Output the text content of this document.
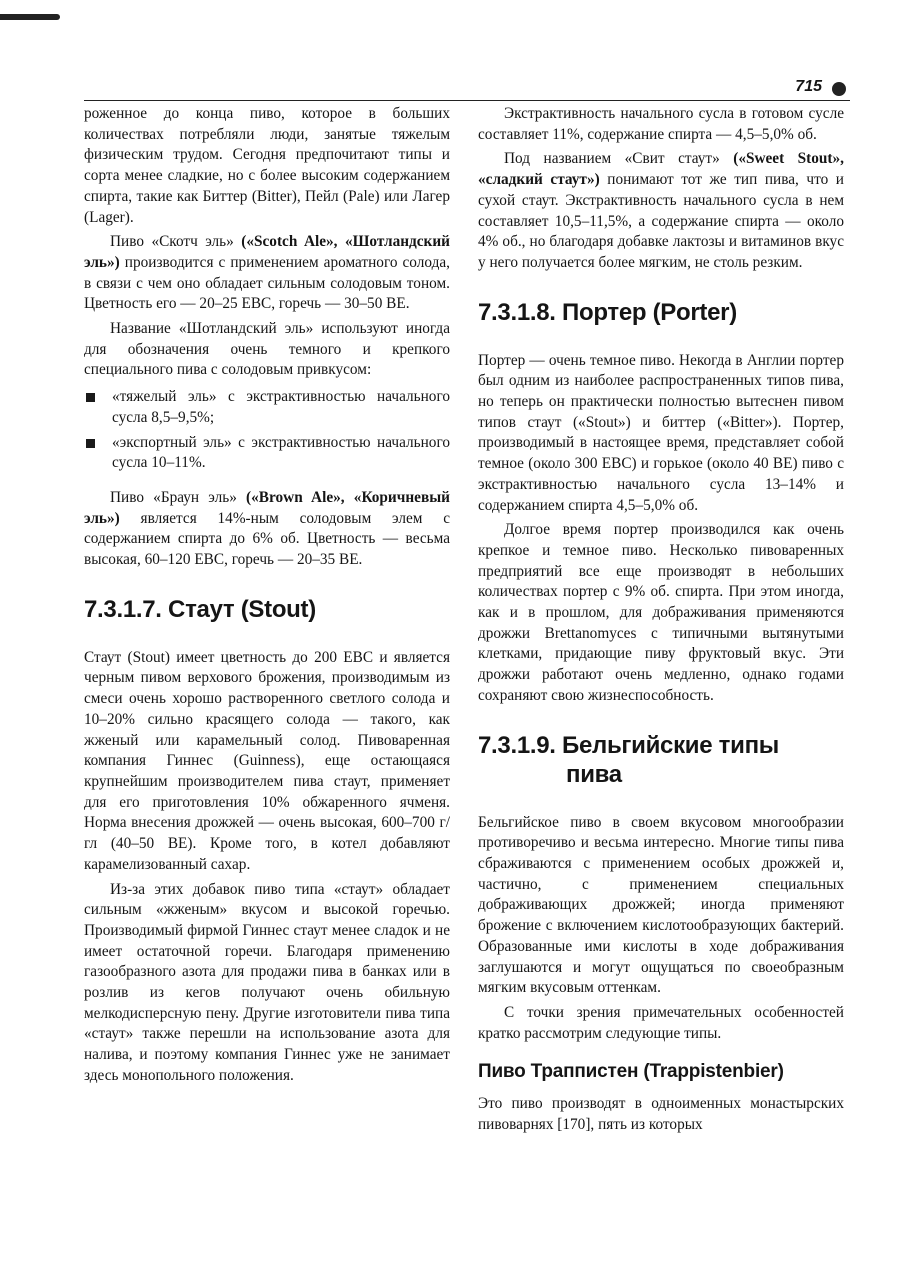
715

роженное до конца пиво, которое в больших количествах потребляли люди, занятые тяжелым физическим трудом. Сегодня предпочитают типы и сорта менее сладкие, но с более высоким содержанием спирта, такие как Биттер (Bitter), Пейл (Pale) или Лагер (Lager).

Пиво «Скотч эль» («Scotch Ale», «Шотландский эль») производится с применением ароматного солода, в связи с чем оно обладает сильным солодовым тоном. Цветность его — 20–25 EBC, горечь — 30–50 BE.

Название «Шотландский эль» используют иногда для обозначения очень темного и крепкого специального пива с солодовым привкусом:

«тяжелый эль» с экстрактивностью начального сусла 8,5–9,5%;
«экспортный эль» с экстрактивностью начального сусла 10–11%.

Пиво «Браун эль» («Brown Ale», «Коричневый эль») является 14%-ным солодовым элем с содержанием спирта до 6% об. Цветность — весьма высокая, 60–120 EBC, горечь — 20–35 BE.

7.3.1.7. Стаут (Stout)

Стаут (Stout) имеет цветность до 200 EBC и является черным пивом верхового брожения, производимым из смеси очень хорошо растворенного светлого солода и 10–20% сильно красящего солода — такого, как жженый или карамельный солод. Пивоваренная компания Гиннес (Guinness), еще остающаяся крупнейшим производителем пива стаут, применяет для его приготовления 10% обжаренного ячменя. Норма внесения дрожжей — очень высокая, 600–700 г/гл (40–50 BE). Кроме того, в котел добавляют карамелизованный сахар.

Из-за этих добавок пиво типа «стаут» обладает сильным «жженым» вкусом и высокой горечью. Производимый фирмой Гиннес стаут менее сладок и не имеет остаточной горечи. Благодаря применению газообразного азота для продажи пива в банках или в розлив из кегов получают очень обильную мелкодисперсную пену. Другие изготовители пива типа «стаут» также перешли на использование азота для налива, и поэтому компания Гиннес уже не занимает здесь монопольного положения.

Экстрактивность начального сусла в готовом сусле составляет 11%, содержание спирта — 4,5–5,0% об.

Под названием «Свит стаут» («Sweet Stout», «сладкий стаут») понимают тот же тип пива, что и сухой стаут. Экстрактивность начального сусла в нем составляет 10,5–11,5%, а содержание спирта — около 4% об., но благодаря добавке лактозы и витаминов вкус у него получается более мягким, не столь резким.

7.3.1.8. Портер (Porter)

Портер — очень темное пиво. Некогда в Англии портер был одним из наиболее распространенных типов пива, но теперь он практически полностью вытеснен пивом типов стаут («Stout») и биттер («Bitter»). Портер, производимый в настоящее время, представляет собой темное (около 300 EBC) и горькое (около 40 BE) пиво с экстрактивностью начального сусла 13–14% и содержанием спирта 4,5–5,0% об.

Долгое время портер производился как очень крепкое и темное пиво. Несколько пивоваренных предприятий все еще производят в небольших количествах портер с 9% об. спирта. При этом иногда, как и в прошлом, для дображивания применяются дрожжи Brettanomyces с типичными вытянутыми клетками, придающие пиву фруктовый вкус. Эти дрожжи работают очень медленно, однако годами сохраняют свою жизнеспособность.

7.3.1.9. Бельгийские типы
пива

Бельгийское пиво в своем вкусовом многообразии противоречиво и весьма интересно. Многие типы пива сбраживаются с применением особых дрожжей и, частично, с применением специальных дображивающих дрожжей; иногда применяют брожение с включением кислотообразующих бактерий. Образованные ими кислоты в ходе дображивания заглушаются и могут ощущаться по своеобразным мягким вкусовым оттенкам.

С точки зрения примечательных особенностей кратко рассмотрим следующие типы.

Пиво Траппистен (Trappistenbier)

Это пиво производят в одноименных монастырских пивоварнях [170], пять из которых
